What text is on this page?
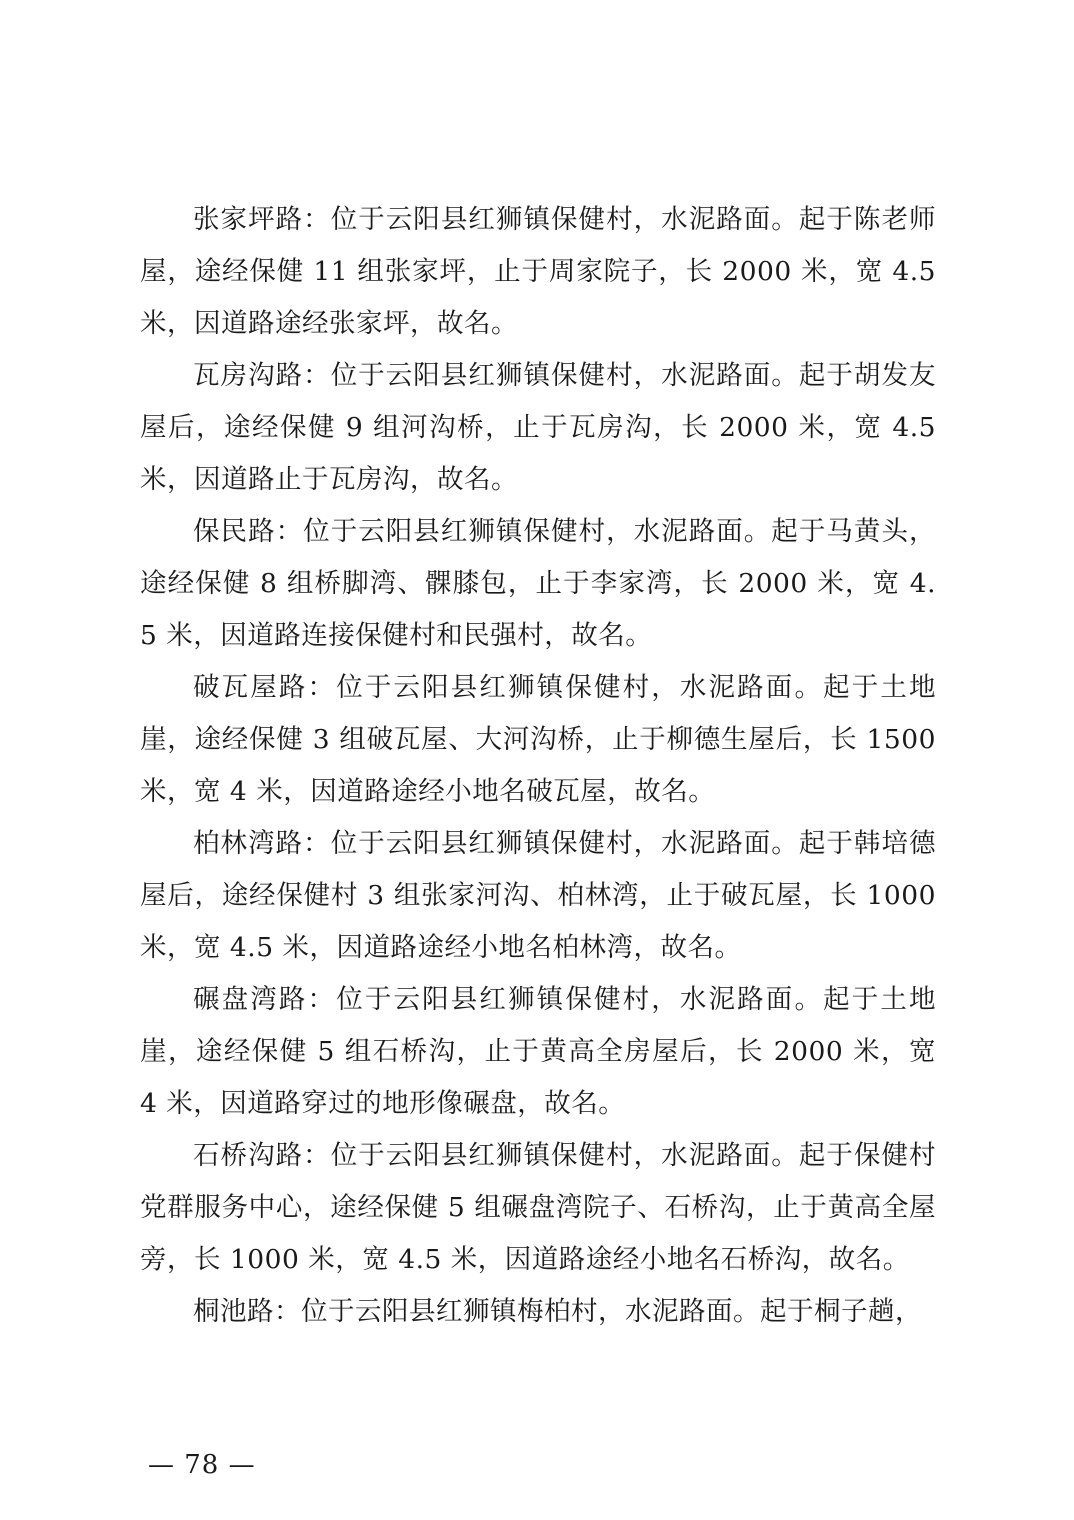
张家坪路：位于云阳县红狮镇保健村，水泥路面。起于陈老师屋，途经保健 11 组张家坪，止于周家院子，长 2000 米，宽 4.5 米，因道路途经张家坪，故名。

瓦房沟路：位于云阳县红狮镇保健村，水泥路面。起于胡发友屋后，途经保健 9 组河沟桥，止于瓦房沟，长 2000 米，宽 4.5 米，因道路止于瓦房沟，故名。

保民路：位于云阳县红狮镇保健村，水泥路面。起于马黄头，途经保健 8 组桥脚湾、髁膝包，止于李家湾，长 2000 米，宽 4.5 米，因道路连接保健村和民强村，故名。

破瓦屋路：位于云阳县红狮镇保健村，水泥路面。起于土地崖，途经保健 3 组破瓦屋、大河沟桥，止于柳德生屋后，长 1500 米，宽 4 米，因道路途经小地名破瓦屋，故名。

柏林湾路：位于云阳县红狮镇保健村，水泥路面。起于韩培德屋后，途经保健村 3 组张家河沟、柏林湾，止于破瓦屋，长 1000 米，宽 4.5 米，因道路途经小地名柏林湾，故名。

碾盘湾路：位于云阳县红狮镇保健村，水泥路面。起于土地崖，途经保健 5 组石桥沟，止于黄高全房屋后，长 2000 米，宽 4 米，因道路穿过的地形像碾盘，故名。

石桥沟路：位于云阳县红狮镇保健村，水泥路面。起于保健村党群服务中心，途经保健 5 组碾盘湾院子、石桥沟，止于黄高全屋旁，长 1000 米，宽 4.5 米，因道路途经小地名石桥沟，故名。

桐池路：位于云阳县红狮镇梅柏村，水泥路面。起于桐子趟，

— 78 —
